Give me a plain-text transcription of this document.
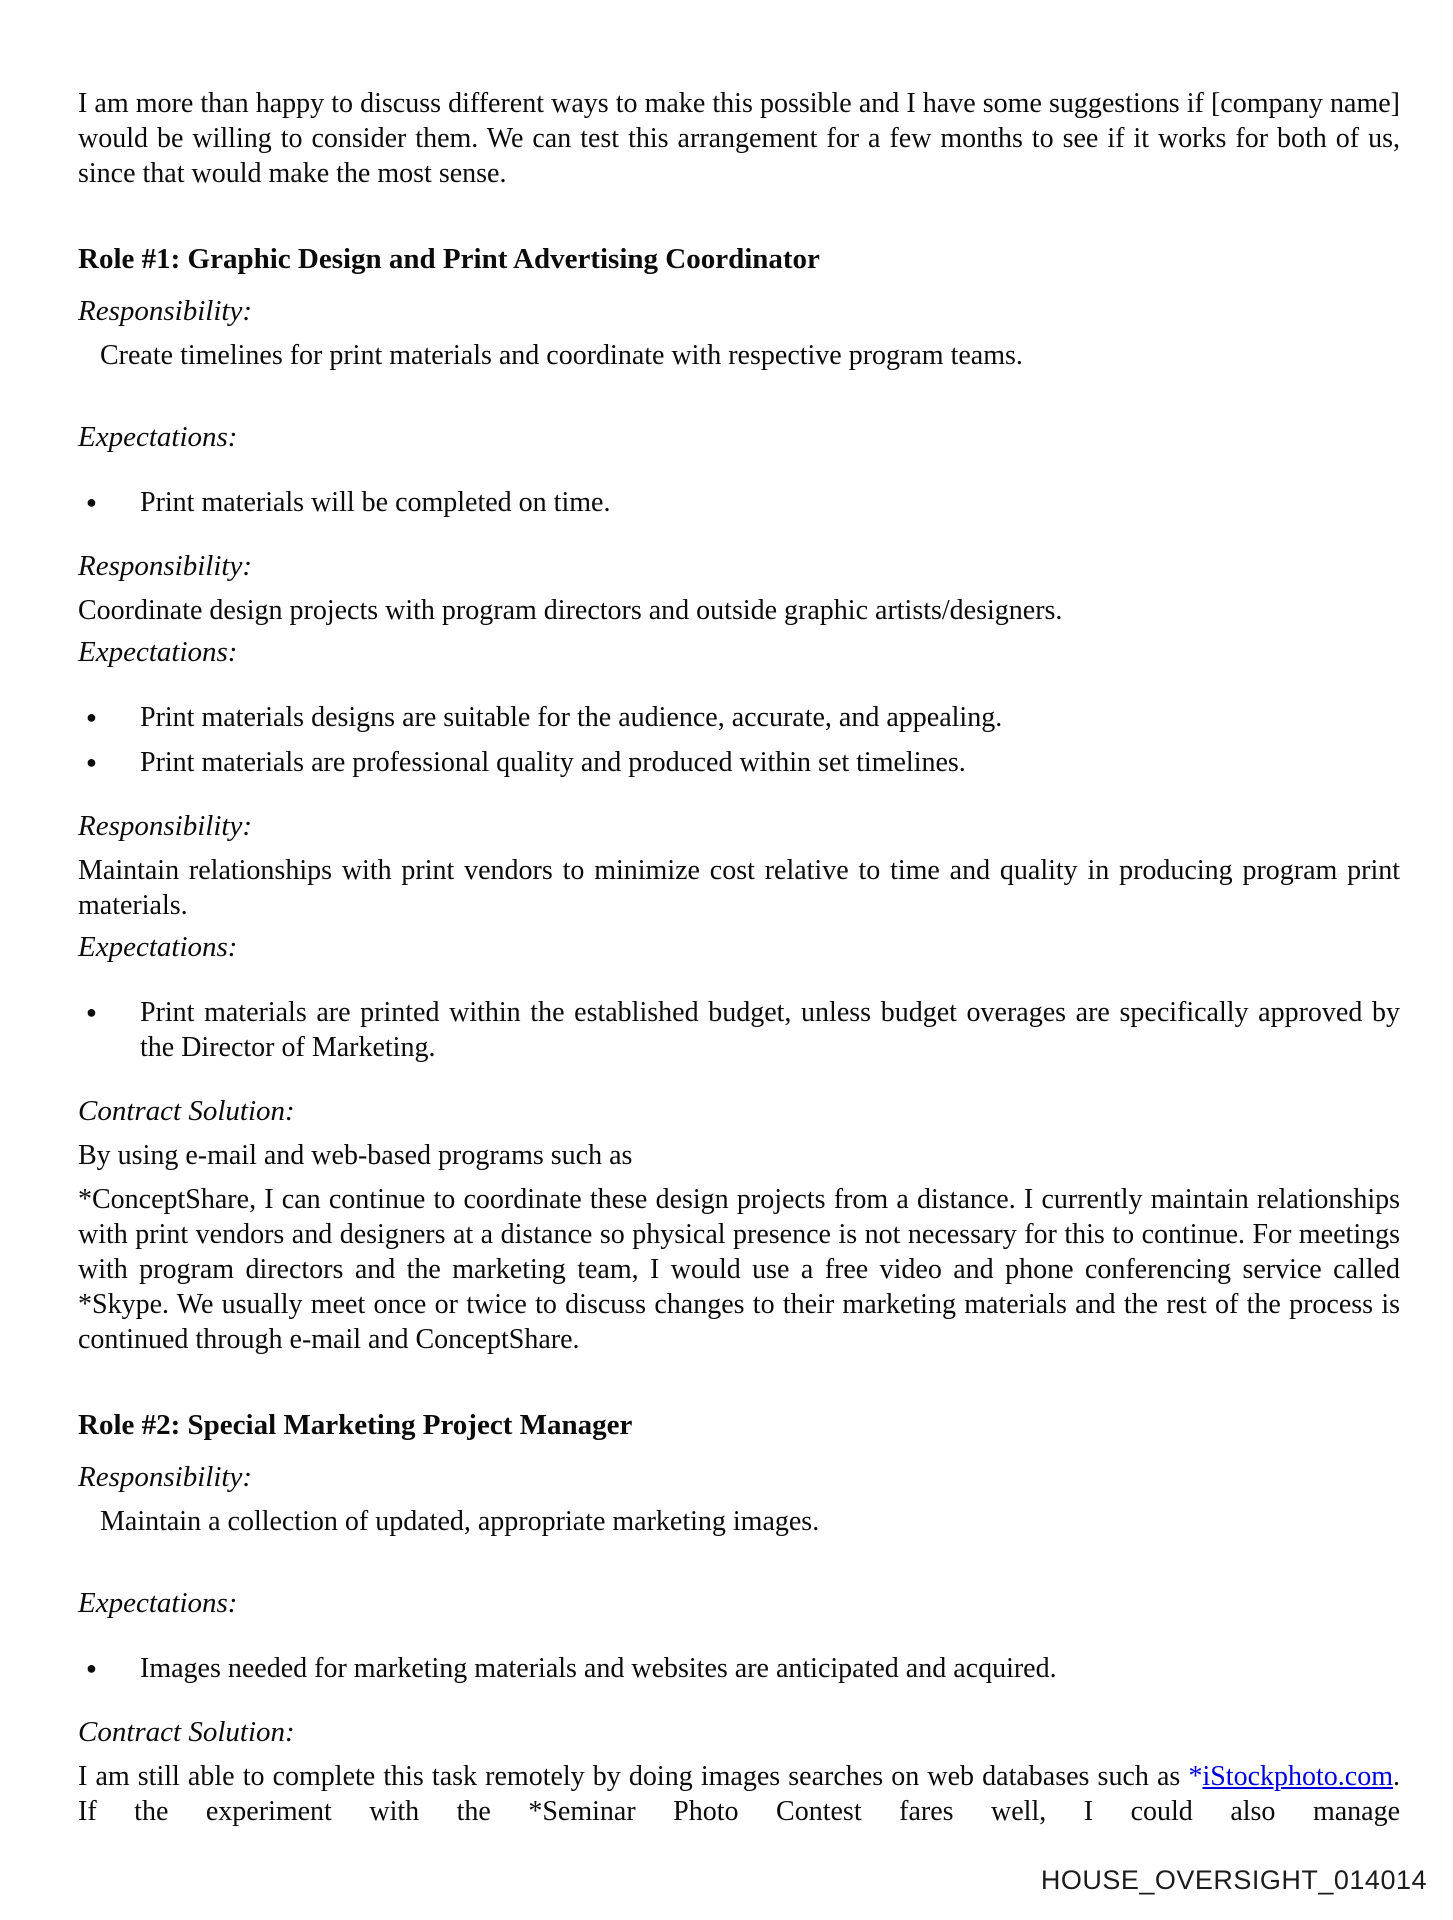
I am more than happy to discuss different ways to make this possible and I have some suggestions if [company name] would be willing to consider them. We can test this arrangement for a few months to see if it works for both of us, since that would make the most sense.
Role #1: Graphic Design and Print Advertising Coordinator
Responsibility:
Create timelines for print materials and coordinate with respective program teams.
Expectations:
●	Print materials will be completed on time.
Responsibility:
Coordinate design projects with program directors and outside graphic artists/designers.
Expectations:
●	Print materials designs are suitable for the audience, accurate, and appealing.
●	Print materials are professional quality and produced within set timelines.
Responsibility:
Maintain relationships with print vendors to minimize cost relative to time and quality in producing program print materials.
Expectations:
●	Print materials are printed within the established budget, unless budget overages are specifically approved by the Director of Marketing.
Contract Solution:
By using e-mail and web-based programs such as
*ConceptShare, I can continue to coordinate these design projects from a distance. I currently maintain relationships with print vendors and designers at a distance so physical presence is not necessary for this to continue. For meetings with program directors and the marketing team, I would use a free video and phone conferencing service called *Skype. We usually meet once or twice to discuss changes to their marketing materials and the rest of the process is continued through e-mail and ConceptShare.
Role #2: Special Marketing Project Manager
Responsibility:
Maintain a collection of updated, appropriate marketing images.
Expectations:
●	Images needed for marketing materials and websites are anticipated and acquired.
Contract Solution:
I am still able to complete this task remotely by doing images searches on web databases such as *iStockphoto.com. If the experiment with the *Seminar Photo Contest fares well, I could also manage
HOUSE_OVERSIGHT_014014
